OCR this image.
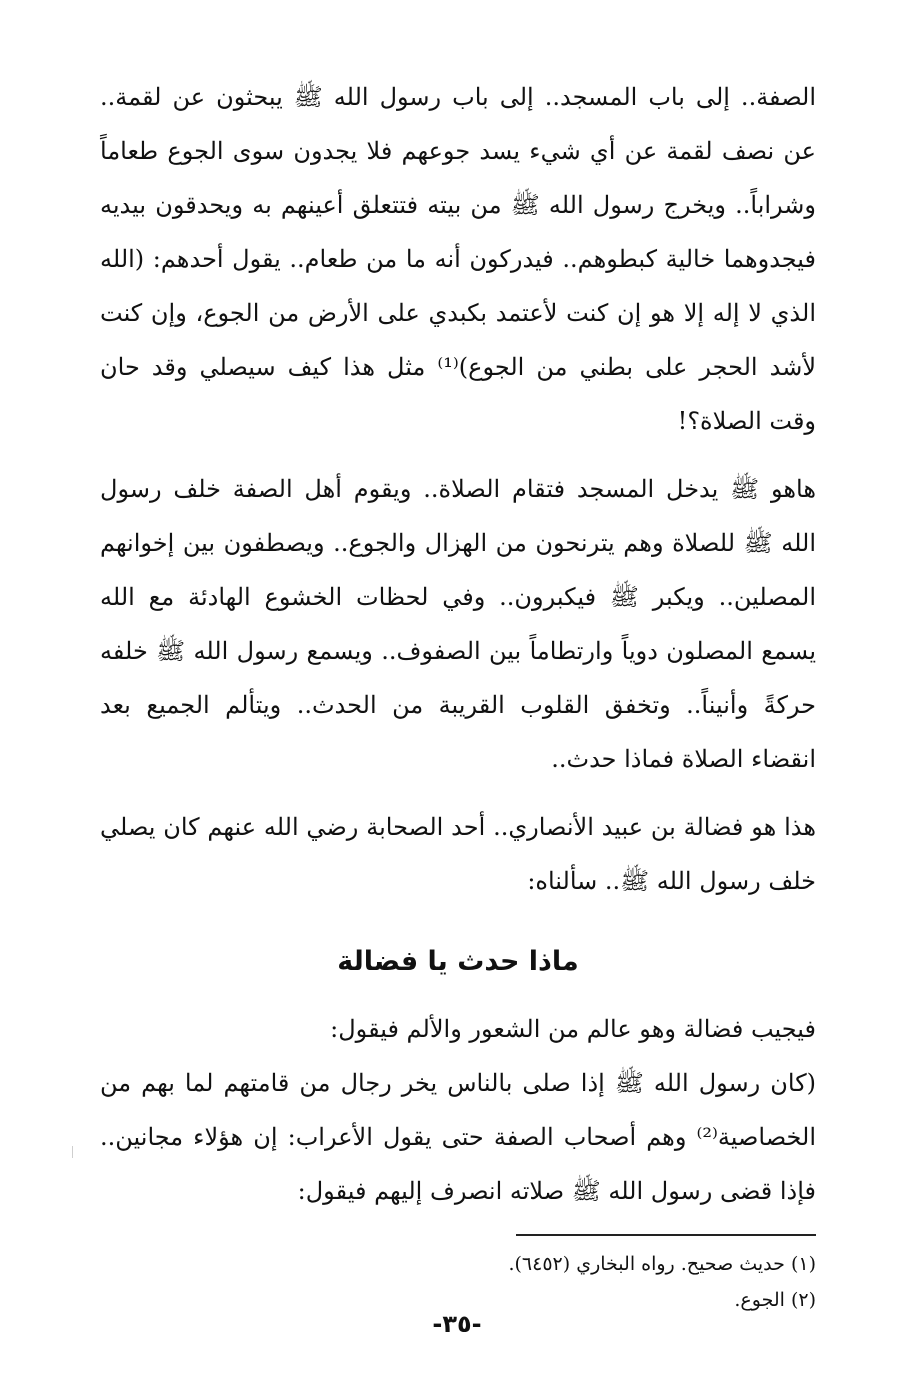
الصفة.. إلى باب المسجد.. إلى باب رسول الله ﷺ يبحثون عن لقمة.. عن نصف لقمة عن أي شيء يسد جوعهم فلا يجدون سوى الجوع طعاماً وشراباً.. ويخرج رسول الله ﷺ من بيته فتتعلق أعينهم به ويحدقون بيديه فيجدوهما خالية كبطوهم.. فيدركون أنه ما من طعام.. يقول أحدهم: (الله الذي لا إله إلا هو إن كنت لأعتمد بكبدي على الأرض من الجوع، وإن كنت لأشد الحجر على بطني من الجوع)⁽¹⁾ مثل هذا كيف سيصلي وقد حان وقت الصلاة؟!

هاهو ﷺ يدخل المسجد فتقام الصلاة.. ويقوم أهل الصفة خلف رسول الله ﷺ للصلاة وهم يترنحون من الهزال والجوع.. ويصطفون بين إخوانهم المصلين.. ويكبر ﷺ فيكبرون.. وفي لحظات الخشوع الهادئة مع الله يسمع المصلون دوياً وارتطاماً بين الصفوف.. ويسمع رسول الله ﷺ خلفه حركةً وأنيناً.. وتخفق القلوب القريبة من الحدث.. ويتألم الجميع بعد انقضاء الصلاة فماذا حدث..

هذا هو فضالة بن عبيد الأنصاري.. أحد الصحابة رضي الله عنهم كان يصلي خلف رسول الله ﷺ.. سألناه:

ماذا حدث يا فضالة

فيجيب فضالة وهو عالم من الشعور والألم فيقول:

(كان رسول الله ﷺ إذا صلى بالناس يخر رجال من قامتهم لما بهم من الخصاصية⁽²⁾ وهم أصحاب الصفة حتى يقول الأعراب: إن هؤلاء مجانين.. فإذا قضى رسول الله ﷺ صلاته انصرف إليهم فيقول:

(١) حديث صحيح. رواه البخاري (٦٤٥٢).

(٢) الجوع.

-٣٥-
